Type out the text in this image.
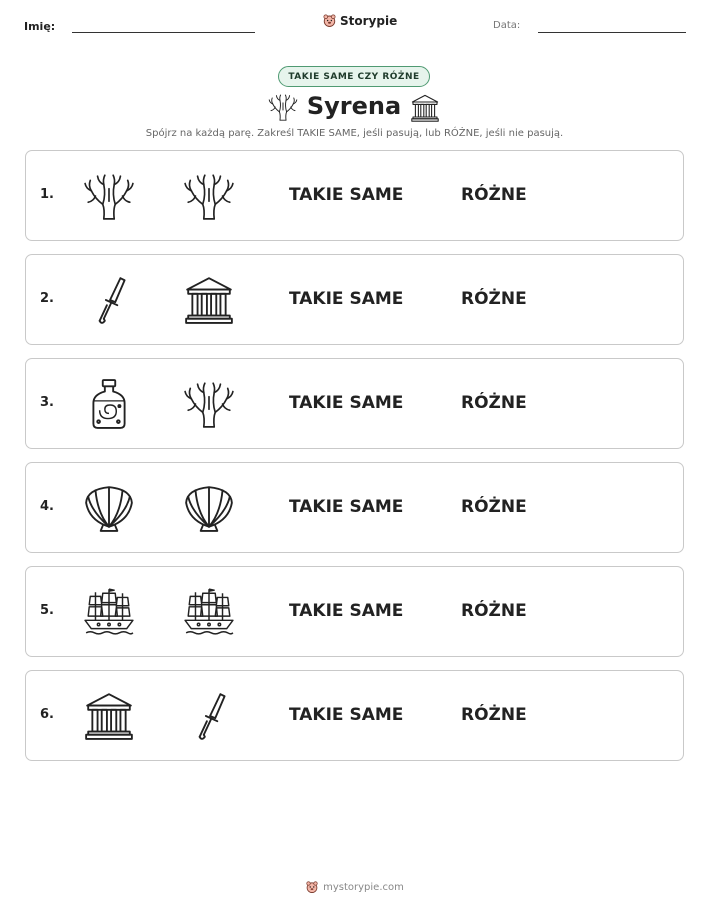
Imię:	Storypie	Data:
TAKIE SAME CZY RÓŻNE
Syrena
Spójrz na każdą parę. Zakreśl TAKIE SAME, jeśli pasują, lub RÓŻNE, jeśli nie pasują.
1.	TAKIE SAME	RÓŻNE
2.	TAKIE SAME	RÓŻNE
3.	TAKIE SAME	RÓŻNE
4.	TAKIE SAME	RÓŻNE
5.	TAKIE SAME	RÓŻNE
6.	TAKIE SAME	RÓŻNE
mystorypie.com
